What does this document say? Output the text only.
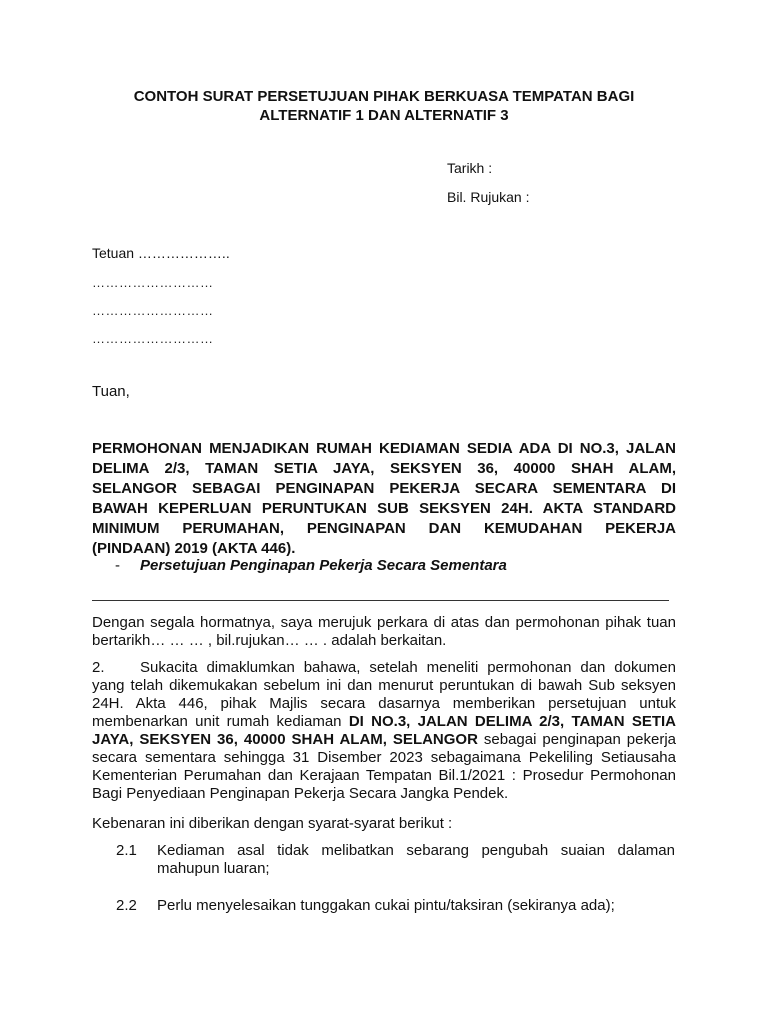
CONTOH SURAT PERSETUJUAN PIHAK BERKUASA TEMPATAN BAGI
ALTERNATIF 1 DAN ALTERNATIF 3
Tarikh :
Bil. Rujukan :
Tetuan ………………..
………………………
………………………
………………………
Tuan,
PERMOHONAN MENJADIKAN RUMAH KEDIAMAN SEDIA ADA DI NO.3, JALAN
DELIMA 2/3, TAMAN SETIA JAYA, SEKSYEN 36, 40000 SHAH ALAM,
SELANGOR SEBAGAI PENGINAPAN PEKERJA SECARA SEMENTARA DI
BAWAH KEPERLUAN PERUNTUKAN SUB SEKSYEN 24H. AKTA STANDARD
MINIMUM PERUMAHAN, PENGINAPAN DAN KEMUDAHAN PEKERJA
(PINDAAN) 2019 (AKTA 446).
- Persetujuan Penginapan Pekerja Secara Sementara
Dengan segala hormatnya, saya merujuk perkara di atas dan permohonan pihak tuan
bertarikh… … … , bil.rujukan… … . adalah berkaitan.
2. Sukacita dimaklumkan bahawa, setelah meneliti permohonan dan dokumen
yang telah dikemukakan sebelum ini dan menurut peruntukan di bawah Sub seksyen
24H. Akta 446, pihak Majlis secara dasarnya memberikan persetujuan untuk
membenarkan unit rumah kediaman DI NO.3, JALAN DELIMA 2/3, TAMAN SETIA
JAYA, SEKSYEN 36, 40000 SHAH ALAM, SELANGOR sebagai penginapan pekerja
secara sementara sehingga 31 Disember 2023 sebagaimana Pekeliling Setiausaha
Kementerian Perumahan dan Kerajaan Tempatan Bil.1/2021 : Prosedur Permohonan
Bagi Penyediaan Penginapan Pekerja Secara Jangka Pendek.
Kebenaran ini diberikan dengan syarat-syarat berikut :
2.1 Kediaman asal tidak melibatkan sebarang pengubah suaian dalaman
mahupun luaran;
2.2 Perlu menyelesaikan tunggakan cukai pintu/taksiran (sekiranya ada);
